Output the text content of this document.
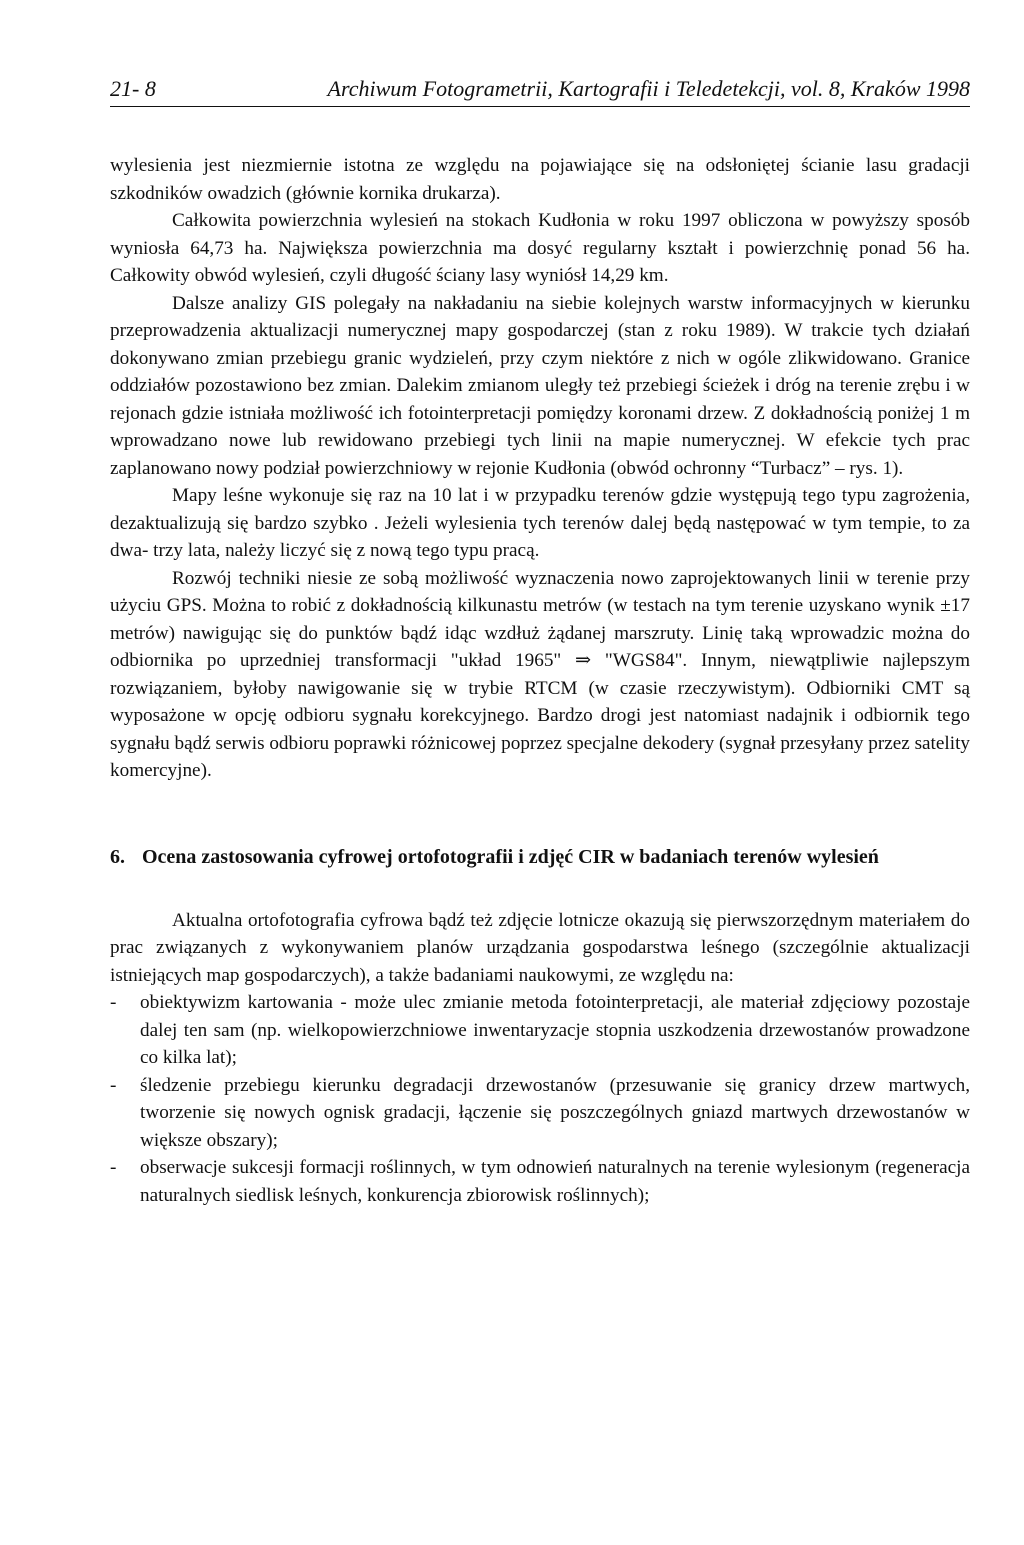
21- 8	Archiwum Fotogrametrii, Kartografii i Teledetekcji, vol. 8, Kraków 1998

wylesienia jest niezmiernie istotna ze względu na pojawiające się na odsłoniętej ścianie lasu gradacji szkodników owadzich (głównie kornika drukarza).

Całkowita powierzchnia wylesień na stokach Kudłonia w roku 1997 obliczona w powyższy sposób wyniosła 64,73 ha. Największa powierzchnia ma dosyć regularny kształt i powierzchnię ponad 56 ha. Całkowity obwód wylesień, czyli długość ściany lasy wyniósł 14,29 km.

Dalsze analizy GIS polegały na nakładaniu na siebie kolejnych warstw informacyjnych w kierunku przeprowadzenia aktualizacji numerycznej mapy gospodarczej (stan z roku 1989). W trakcie tych działań dokonywano zmian przebiegu granic wydzieleń, przy czym niektóre z nich w ogóle zlikwidowano. Granice oddziałów pozostawiono bez zmian. Dalekim zmianom uległy też przebiegi ścieżek i dróg na terenie zrębu i w rejonach gdzie istniała możliwość ich fotointerpretacji pomiędzy koronami drzew. Z dokładnością poniżej 1 m wprowadzano nowe lub rewidowano przebiegi tych linii na mapie numerycznej. W efekcie tych prac zaplanowano nowy podział powierzchniowy w rejonie Kudłonia (obwód ochronny “Turbacz” – rys. 1).

Mapy leśne wykonuje się raz na 10 lat i w przypadku terenów gdzie występują tego typu zagrożenia, dezaktualizują się bardzo szybko . Jeżeli wylesienia tych terenów dalej będą następować w tym tempie, to za dwa- trzy lata, należy liczyć się z nową tego typu pracą.

Rozwój techniki niesie ze sobą możliwość wyznaczenia nowo zaprojektowanych linii w terenie przy użyciu GPS. Można to robić z dokładnością kilkunastu metrów (w testach na tym terenie uzyskano wynik ±17 metrów) nawigując się do punktów bądź idąc wzdłuż żądanej marszruty. Linię taką wprowadzic można do odbiornika po uprzedniej transformacji "układ 1965" ⇒ "WGS84". Innym, niewątpliwie najlepszym rozwiązaniem, byłoby nawigowanie się w trybie RTCM (w czasie rzeczywistym). Odbiorniki CMT są wyposażone w opcję odbioru sygnału korekcyjnego. Bardzo drogi jest natomiast nadajnik i odbiornik tego sygnału bądź serwis odbioru poprawki różnicowej poprzez specjalne dekodery (sygnał przesyłany przez satelity komercyjne).

6. Ocena zastosowania cyfrowej ortofotografii i zdjęć CIR w badaniach terenów wylesień

Aktualna ortofotografia cyfrowa bądź też zdjęcie lotnicze okazują się pierwszorzędnym materiałem do prac związanych z wykonywaniem planów urządzania gospodarstwa leśnego (szczególnie aktualizacji istniejących map gospodarczych), a także badaniami naukowymi, ze względu na:

- obiektywizm kartowania - może ulec zmianie metoda fotointerpretacji, ale materiał zdjęciowy pozostaje dalej ten sam (np. wielkopowierzchniowe inwentaryzacje stopnia uszkodzenia drzewostanów prowadzone co kilka lat);
- śledzenie przebiegu kierunku degradacji drzewostanów (przesuwanie się granicy drzew martwych, tworzenie się nowych ognisk gradacji, łączenie się poszczególnych gniazd martwych drzewostanów w większe obszary);
- obserwacje sukcesji formacji roślinnych, w tym odnowień naturalnych na terenie wylesionym (regeneracja naturalnych siedlisk leśnych, konkurencja zbiorowisk roślinnych);
